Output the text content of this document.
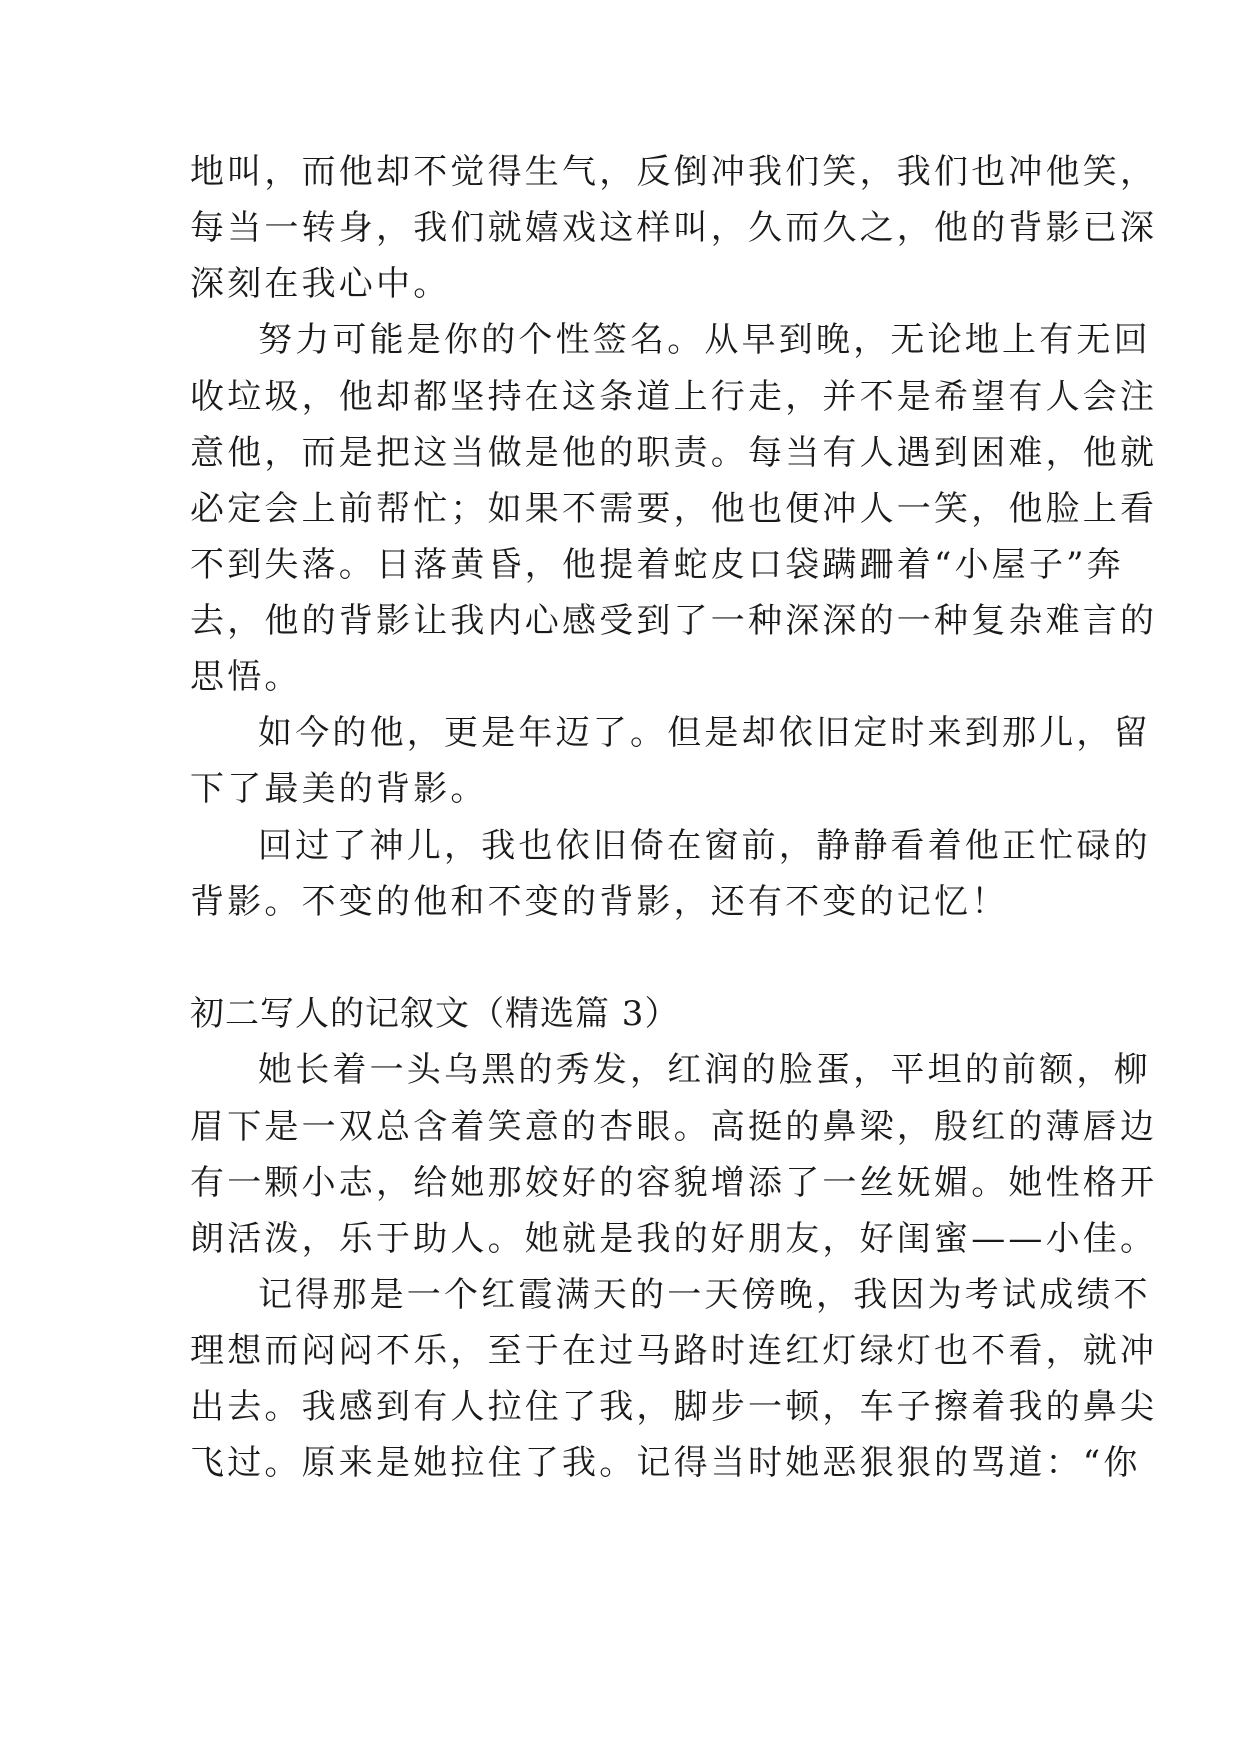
地叫，而他却不觉得生气，反倒冲我们笑，我们也冲他笑，
每当一转身，我们就嬉戏这样叫，久而久之，他的背影已深
深刻在我心中。
努力可能是你的个性签名。从早到晚，无论地上有无回
收垃圾，他却都坚持在这条道上行走，并不是希望有人会注
意他，而是把这当做是他的职责。每当有人遇到困难，他就
必定会上前帮忙；如果不需要，他也便冲人一笑，他脸上看
不到失落。日落黄昏，他提着蛇皮口袋蹒跚着“小屋子”奔
去，他的背影让我内心感受到了一种深深的一种复杂难言的
思悟。
如今的他，更是年迈了。但是却依旧定时来到那儿，留
下了最美的背影。
回过了神儿，我也依旧倚在窗前，静静看着他正忙碌的
背影。不变的他和不变的背影，还有不变的记忆！
初二写人的记叙文（精选篇 3）
她长着一头乌黑的秀发，红润的脸蛋，平坦的前额，柳
眉下是一双总含着笑意的杏眼。高挺的鼻梁，殷红的薄唇边
有一颗小志，给她那姣好的容貌增添了一丝妩媚。她性格开
朗活泼，乐于助人。她就是我的好朋友，好闺蜜——小佳。
记得那是一个红霞满天的一天傍晚，我因为考试成绩不
理想而闷闷不乐，至于在过马路时连红灯绿灯也不看，就冲
出去。我感到有人拉住了我，脚步一顿，车子擦着我的鼻尖
飞过。原来是她拉住了我。记得当时她恶狠狠的骂道：“你
